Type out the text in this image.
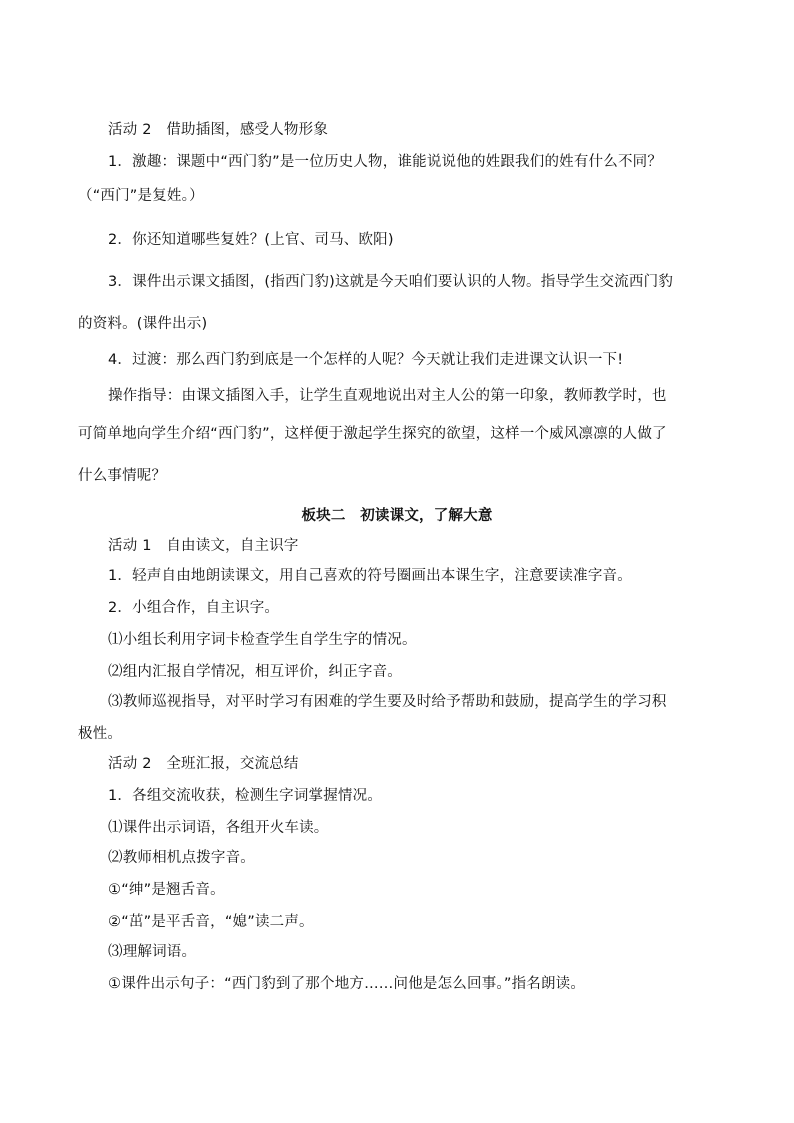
活动 2　借助插图，感受人物形象
1．激趣：课题中“西门豹”是一位历史人物，谁能说说他的姓跟我们的姓有什么不同？
（“西门”是复姓。）
2．你还知道哪些复姓？(上官、司马、欧阳)
3．课件出示课文插图，(指西门豹)这就是今天咱们要认识的人物。指导学生交流西门豹
的资料。(课件出示)
4．过渡：那么西门豹到底是一个怎样的人呢？今天就让我们走进课文认识一下!
操作指导：由课文插图入手，让学生直观地说出对主人公的第一印象，教师教学时，也
可简单地向学生介绍“西门豹”，这样便于激起学生探究的欲望，这样一个威风凛凛的人做了
什么事情呢？
板块二　初读课文，了解大意
活动 1　自由读文，自主识字
1．轻声自由地朗读课文，用自己喜欢的符号圈画出本课生字，注意要读准字音。
2．小组合作，自主识字。
⑴小组长利用字词卡检查学生自学生字的情况。
⑵组内汇报自学情况，相互评价，纠正字音。
⑶教师巡视指导，对平时学习有困难的学生要及时给予帮助和鼓励，提高学生的学习积
极性。
活动 2　全班汇报，交流总结
1．各组交流收获，检测生字词掌握情况。
⑴课件出示词语，各组开火车读。
⑵教师相机点拨字音。
①“绅”是翘舌音。
②“茁”是平舌音，“媳”读二声。
⑶理解词语。
①课件出示句子：“西门豹到了那个地方……问他是怎么回事。”指名朗读。
